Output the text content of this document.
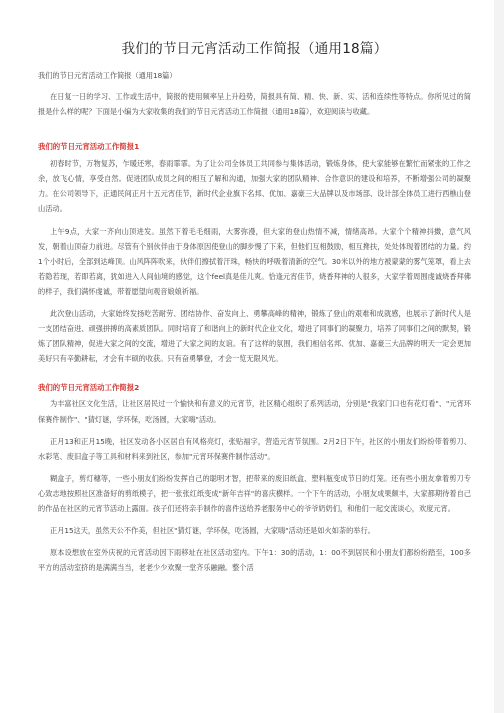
我们的节日元宵活动工作简报（通用18篇）
我们的节日元宵活动工作简报（通用18篇）

在日复一日的学习、工作或生活中，简报的使用频率呈上升趋势，简报具有简、精、快、新、实、活和连续性等特点。你所见过的简报是什么样的呢？下面是小编为大家收集的我们的节日元宵活动工作简报（通用18篇），欢迎阅读与收藏。

我们的节日元宵活动工作简报1

初春时节，万物复苏，乍暖还寒，春雨霏霏。为了让公司全体员工共同参与集体活动，锻炼身体，使大家能够在繁忙而紧张的工作之余，放飞心情，享受自然。促进团队成员之间的相互了解和沟通，加强大家的团队精神、合作意识的建设和培养，不断增强公司的凝聚力。在公司领导下，正通民间正月十五元宵佳节，新时代企业旗下名邦、优加、嘉豪三大品牌以及市场部、设计部全体员工进行西樵山登山活动。

上午9点，大家一齐向山顶进发。虽然下着毛毛细雨，大雾弥漫，但大家的登山热情不减，情绪高昂。大家个个精神抖擞，意气风发，朝着山顶奋力前进。尽管有个别伙伴由于身体原因使登山的脚步慢了下来，但他们互相鼓励，相互搀扶，处处体现着团结的力量。约1个小时后，全部到达峰顶。山风阵阵吹来，伙伴们擦拭着汗珠，畅快的呼吸着清新的空气。30米以外的地方被蒙蒙的雾气笼罩，看上去若隐若现，若即若离，犹如进入人间仙境的感觉，这个feel真是佳儿爽。恰逢元宵佳节，烧香拜神的人很多，大家学着周围虔诚烧香拜佛的样子，我们满怀虔诚，带着愿望向观音娘娘祈福。

此次登山活动，大家始终发扬吃苦耐劳、团结协作、奋发向上、勇攀高峰的精神，锻炼了登山的艰难和成就感，也展示了新时代人是一支团结奋进、顽强拼搏的高素质团队。同时培育了和谐向上的新时代企业文化，增进了同事们的凝聚力，培养了同事们之间的默契，锻炼了团队精神，促进大家之间的交流，增进了大家之间的友谊。有了这样的氛围，我们相信名邦、优加、嘉豪三大品牌的明天一定会更加美好只有辛勤耕耘，才会有丰硕的收获。只有奋勇攀登，才会一览无限风光。

我们的节日元宵活动工作简报2

为丰富社区文化生活，让社区居民过一个愉快和有意义的元宵节，社区精心组织了系列活动，分别是"我家门口也有花灯看"、"元宵环保赛件制作"、"猜灯谜，学环保，吃汤圆，大家嗨"活动。

正月13和正月15晚，社区发动各小区居自有风格亮灯，张贴福字，营造元宵节氛围。2月2日下午，社区的小朋友们纷纷带着剪刀、水彩笔、废旧盒子等工具和材料来到社区，参加"元宵环保赛件制作活动"。

糊盒子，剪灯穗等，一些小朋友们纷纷发挥自己的聪明才智，把带来的废旧纸盒、塑料瓶变成节日的灯笼。还有些小朋友拿着剪刀专心致志地按照社区准备好的剪纸模子，把一张张红纸变成"新年吉祥"的喜庆横样。一个下午的活动，小朋友成果颇丰，大家都期待着自己的作品在社区的元宵节活动上露面。孩子们还将亲手制作的喜件送给养老服务中心的爷爷奶奶们，和他们一起交流谈心，欢度元宵。

正月15这天，虽然天公不作美，但社区"猜灯谜，学环保，吃汤圆，大家嗨"活动还是如火如荼的举行。

原本设想放在室外庆祝的元宵活动因下雨移址在社区活动室内。下午1：30的活动，1：00不到居民和小朋友们都纷纷踏至，100多平方的活动室挤的是满满当当，老老少少欢聚一堂齐乐融融。整个活
